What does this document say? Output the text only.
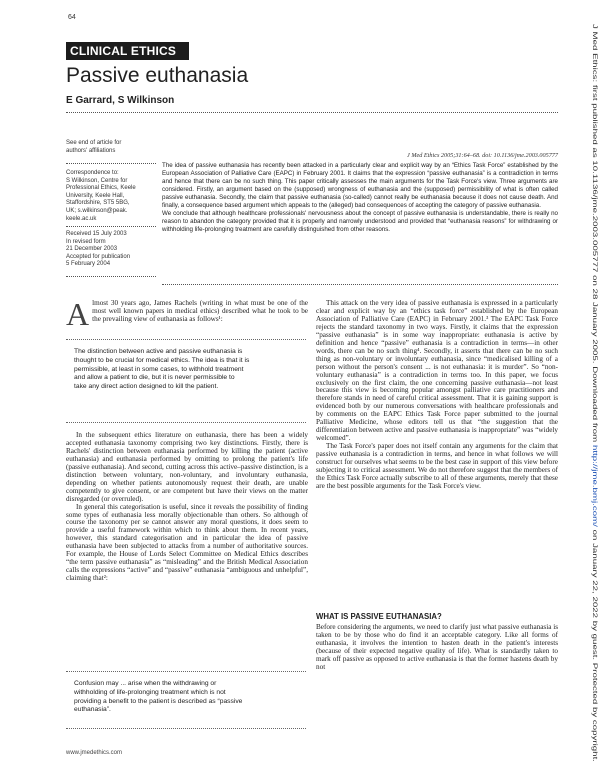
64
CLINICAL ETHICS
Passive euthanasia
E Garrard, S Wilkinson
See end of article for
authors' affiliations
Correspondence to:
S Wilkinson, Centre for
Professional Ethics, Keele
University, Keele Hall,
Staffordshire, ST5 5BG,
UK; s.wilkinson@peak.
keele.ac.uk
Received 15 July 2003
In revised form
21 December 2003
Accepted for publication
5 February 2004
J Med Ethics 2005;31:64–68. doi: 10.1136/jme.2003.005777

The idea of passive euthanasia has recently been attacked in a particularly clear and explicit way by an “Ethics Task Force” established by the European Association of Palliative Care (EAPC) in February 2001. It claims that the expression “passive euthanasia” is a contradiction in terms and hence that there can be no such thing. This paper critically assesses the main arguments for the Task Force's view. Three arguments are considered. Firstly, an argument based on the (supposed) wrongness of euthanasia and the (supposed) permissibility of what is often called passive euthanasia. Secondly, the claim that passive euthanasia (so-called) cannot really be euthanasia because it does not cause death. And finally, a consequence based argument which appeals to the (alleged) bad consequences of accepting the category of passive euthanasia.

We conclude that although healthcare professionals' nervousness about the concept of passive euthanasia is understandable, there is really no reason to abandon the category provided that it is properly and narrowly understood and provided that “euthanasia reasons” for withdrawing or withholding life-prolonging treatment are carefully distinguished from other reasons.

Almost 30 years ago, James Rachels (writing in what must be one of the most well known papers in medical ethics) described what he took to be the prevailing view of euthanasia as follows¹:

The distinction between active and passive euthanasia is
thought to be crucial for medical ethics. The idea is that it is
permissible, at least in some cases, to withhold treatment
and allow a patient to die, but it is never permissible to
take any direct action designed to kill the patient.

In the subsequent ethics literature on euthanasia, there has been a widely accepted euthanasia taxonomy comprising two key distinctions. Firstly, there is Rachels' distinction between euthanasia performed by killing the patient (active euthanasia) and euthanasia performed by omitting to prolong the patient's life (passive euthanasia). And second, cutting across this active–passive distinction, is a distinction between voluntary, non-voluntary, and involuntary euthanasia, depending on whether patients autonomously request their death, are unable competently to give consent, or are competent but have their views on the matter disregarded (or overruled).

In general this categorisation is useful, since it reveals the possibility of finding some types of euthanasia less morally objectionable than others. So although of course the taxonomy per se cannot answer any moral questions, it does seem to provide a useful framework within which to think about them. In recent years, however, this standard categorisation and in particular the idea of passive euthanasia have been subjected to attacks from a number of authoritative sources. For example, the House of Lords Select Committee on Medical Ethics describes “the term passive euthanasia” as “misleading” and the British Medical Association calls the expressions “active” and “passive” euthanasia “ambiguous and unhelpful”, claiming that²:

Confusion may ... arise when the withdrawing or
withholding of life-prolonging treatment which is not
providing a benefit to the patient is described as “passive
euthanasia”.

This attack on the very idea of passive euthanasia is expressed in a particularly clear and explicit way by an “ethics task force” established by the European Association of Palliative Care (EAPC) in February 2001.³ The EAPC Task Force rejects the standard taxonomy in two ways. Firstly, it claims that the expression “passive euthanasia” is in some way inappropriate: euthanasia is active by definition and hence “passive” euthanasia is a contradiction in terms—in other words, there can be no such thing⁴. Secondly, it asserts that there can be no such thing as non-voluntary or involuntary euthanasia, since “medicalised killing of a person without the person's consent ... is not euthanasia: it is murder”. So “non-voluntary euthanasia” is a contradiction in terms too. In this paper, we focus exclusively on the first claim, the one concerning passive euthanasia—not least because this view is becoming popular amongst palliative care practitioners and therefore stands in need of careful critical assessment. That it is gaining support is evidenced both by our numerous conversations with healthcare professionals and by comments on the EAPC Ethics Task Force paper submitted to the journal Palliative Medicine, whose editors tell us that “the suggestion that the differentiation between active and passive euthanasia is inappropriate” was “widely welcomed”.

The Task Force's paper does not itself contain any arguments for the claim that passive euthanasia is a contradiction in terms, and hence in what follows we will construct for ourselves what seems to be the best case in support of this view before subjecting it to critical assessment. We do not therefore suggest that the members of the Ethics Task Force actually subscribe to all of these arguments, merely that these are the best possible arguments for the Task Force's view.

WHAT IS PASSIVE EUTHANASIA?

Before considering the arguments, we need to clarify just what passive euthanasia is taken to be by those who do find it an acceptable category. Like all forms of euthanasia, it involves the intention to hasten death in the patient's interests (because of their expected negative quality of life). What is standardly taken to mark off passive as opposed to active euthanasia is that the former hastens death by not

www.jmedethics.com
J Med Ethics: first published as 10.1136/jme.2003.005777 on 28 January 2005. Downloaded from http://jme.bmj.com/ on January 22, 2022 by guest. Protected by copyright.
